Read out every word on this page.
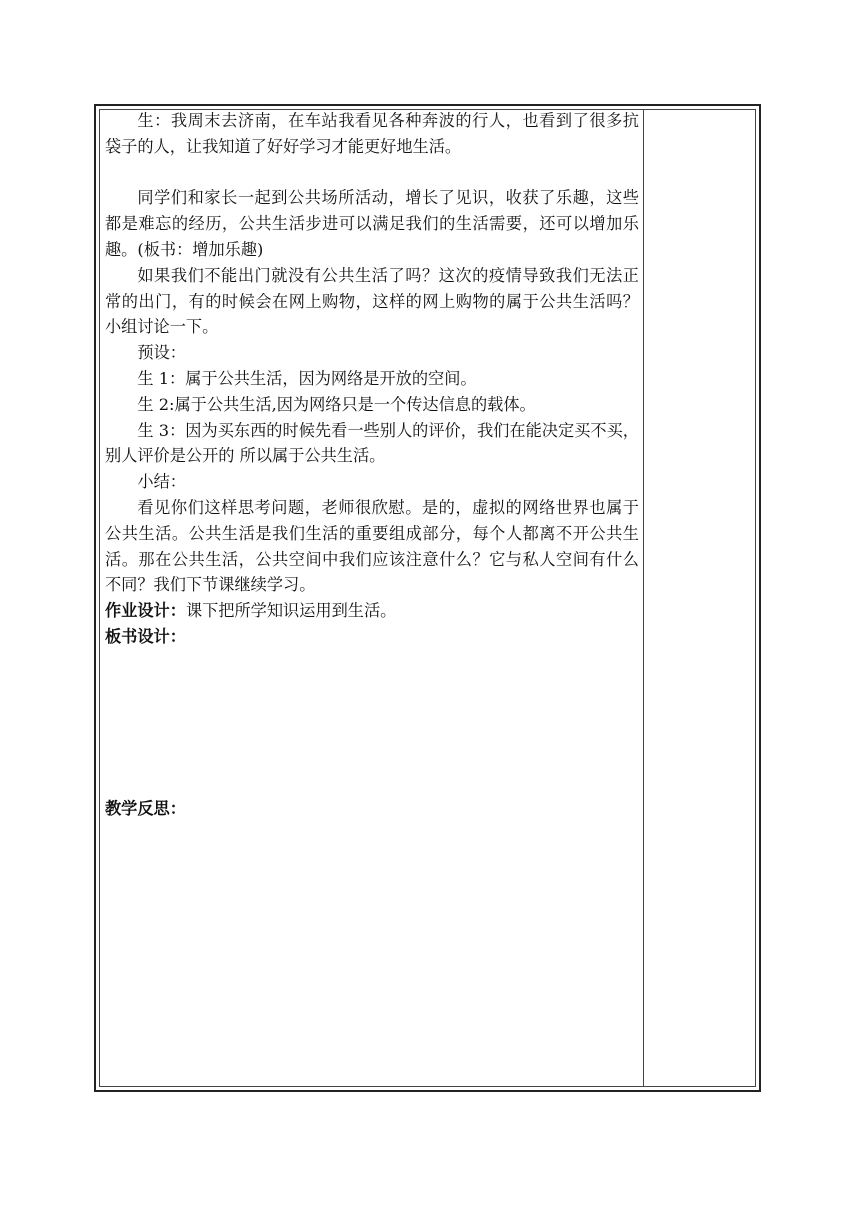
生：我周末去济南，在车站我看见各种奔波的行人，也看到了很多抗袋子的人，让我知道了好好学习才能更好地生活。

同学们和家长一起到公共场所活动，增长了见识，收获了乐趣，这些都是难忘的经历，公共生活步进可以满足我们的生活需要，还可以增加乐趣。(板书：增加乐趣)

如果我们不能出门就没有公共生活了吗？这次的疫情导致我们无法正常的出门，有的时候会在网上购物，这样的网上购物的属于公共生活吗？小组讨论一下。

预设：

生 1：属于公共生活，因为网络是开放的空间。

生 2:属于公共生活,因为网络只是一个传达信息的载体。

生 3：因为买东西的时候先看一些别人的评价，我们在能决定买不买，别人评价是公开的 所以属于公共生活。

小结：

看见你们这样思考问题，老师很欣慰。是的，虚拟的网络世界也属于公共生活。公共生活是我们生活的重要组成部分，每个人都离不开公共生活。那在公共生活，公共空间中我们应该注意什么？它与私人空间有什么不同？我们下节课继续学习。

作业设计：课下把所学知识运用到生活。

板书设计：

教学反思：
